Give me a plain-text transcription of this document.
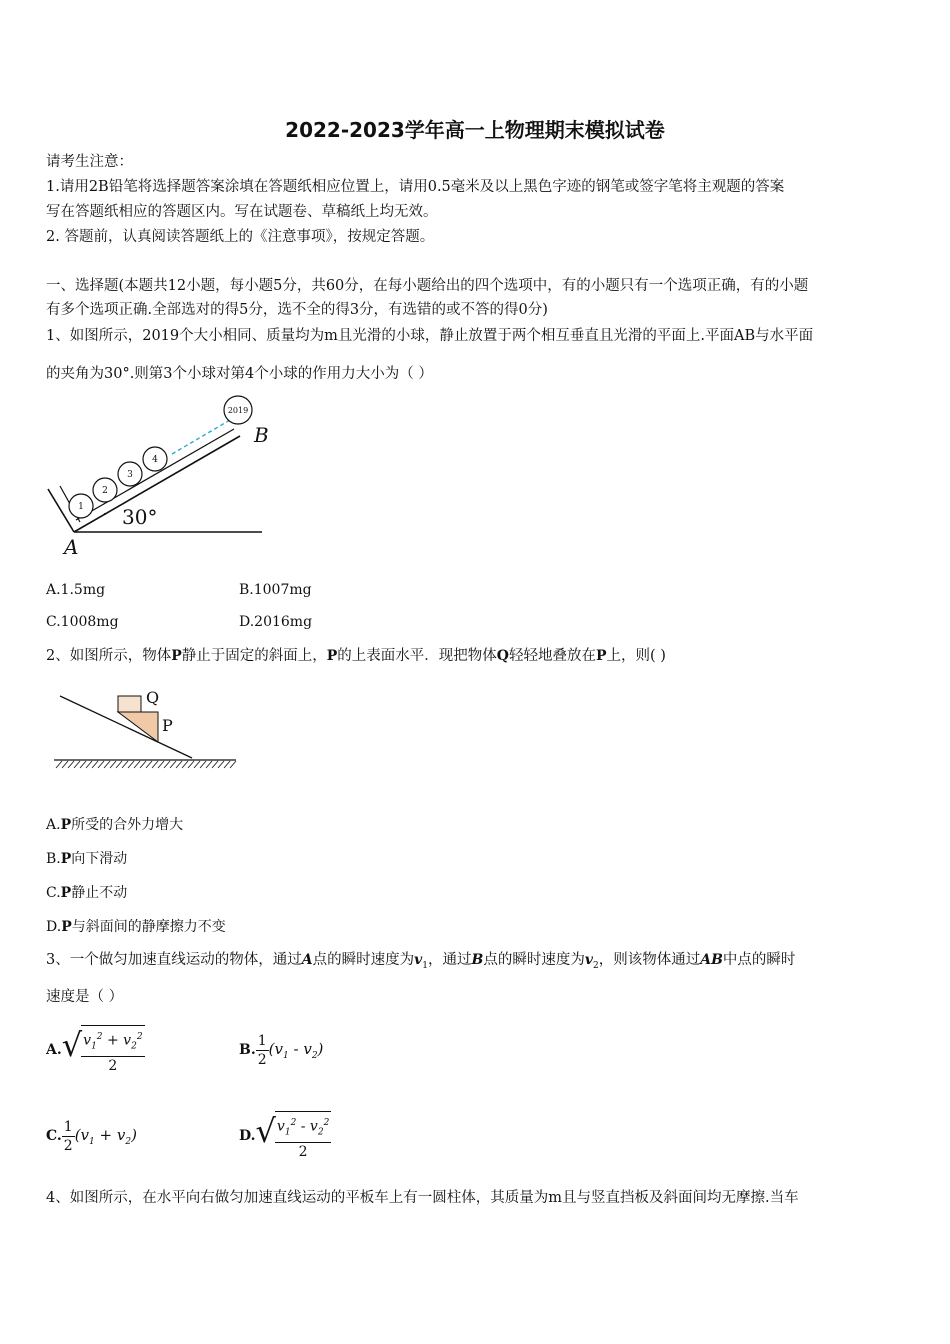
2022-2023学年高一上物理期末模拟试卷
请考生注意：
1.请用2B铅笔将选择题答案涂填在答题纸相应位置上，请用0.5毫米及以上黑色字迹的钢笔或签字笔将主观题的答案
写在答题纸相应的答题区内。写在试题卷、草稿纸上均无效。
2. 答题前，认真阅读答题纸上的《注意事项》，按规定答题。
一、选择题(本题共12小题，每小题5分，共60分，在每小题给出的四个选项中，有的小题只有一个选项正确，有的小题
有多个选项正确.全部选对的得5分，选不全的得3分，有选错的或不答的得0分)
1、如图所示，2019个大小相同、质量均为m且光滑的小球，静止放置于两个相互垂直且光滑的平面上.平面AB与水平面
的夹角为30°.则第3个小球对第4个小球的作用力大小为（ ）
1
2
3
4
2019
B
A
30°
A.1.5mg	B.1007mg
C.1008mg	D.2016mg
2、如图所示，物体P静止于固定的斜面上，P的上表面水平．现把物体Q轻轻地叠放在P上，则( )
Q
P
A.P所受的合外力增大
B.P向下滑动
C.P静止不动
D.P与斜面间的静摩擦力不变
3、一个做匀加速直线运动的物体，通过A点的瞬时速度为$v_1$，通过B点的瞬时速度为$v_2$，则该物体通过AB中点的瞬时
速度是（ ）
A. √ $\frac{v_1^2 + v_2^2}{2}$	B. $\frac{1}{2} (v_1 - v_2)$
C. $\frac{1}{2} (v_1 + v_2)$	D. √ $\frac{v_1^2 - v_2^2}{2}$
4、如图所示，在水平向右做匀加速直线运动的平板车上有一圆柱体，其质量为m且与竖直挡板及斜面间均无摩擦.当车
